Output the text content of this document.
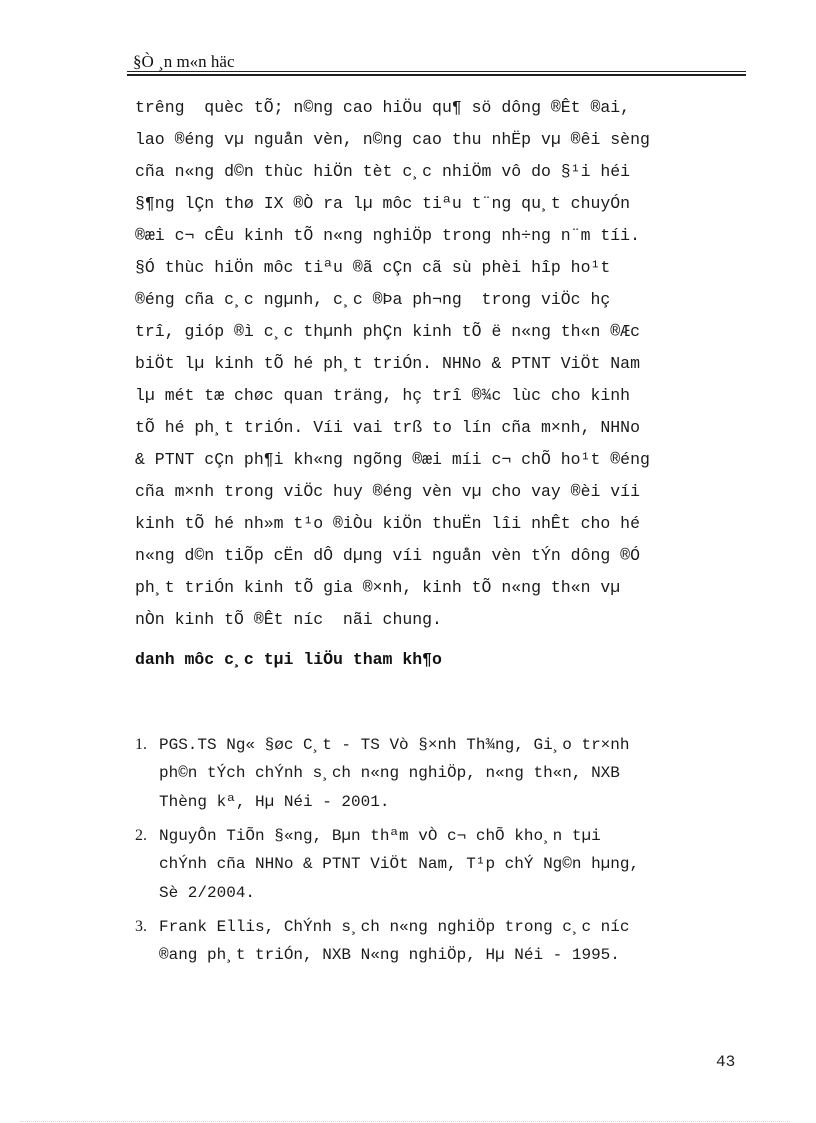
§Ò ¸n m«n häc
trêng  quèc tÕ; n©ng cao hiÖu qu¶ sö dông ®Êt ®ai,
lao ®éng vµ nguån vèn, n©ng cao thu nhËp vµ ®êi sèng
cña n«ng d©n thùc hiÖn tèt c¸c nhiÖm vô do §¹i héi
§¶ng lÇn thø IX ®Ò ra lµ môc tiªu t¨ng qu¸t chuyÓn
®æi c¬ cÊu kinh tÕ n«ng nghiÖp trong nh÷ng n¨m tíi.
§Ó thùc hiÖn môc tiªu ®ã cÇn cã sù phèi hîp ho¹t
®éng cña c¸c ngµnh, c¸c ®Þa ph¬ng  trong viÖc hç
trî, gióp ®ì c¸c thµnh phÇn kinh tÕ ë n«ng th«n ®Æc
biÖt lµ kinh tÕ hé ph¸t triÓn. NHNo & PTNT ViÖt Nam
lµ mét tæ chøc quan träng, hç trî ®¾c lùc cho kinh
tÕ hé ph¸t triÓn. Víi vai trß to lín cña m×nh, NHNo
& PTNT cÇn ph¶i kh«ng ngõng ®æi míi c¬ chÕ ho¹t ®éng
cña m×nh trong viÖc huy ®éng vèn vµ cho vay ®èi víi
kinh tÕ hé nh»m t¹o ®iÒu kiÖn thuËn lîi nhÊt cho hé
n«ng d©n tiÕp cËn dÔ dµng víi nguån vèn tÝn dông ®Ó
ph¸t triÓn kinh tÕ gia ®×nh, kinh tÕ n«ng th«n vµ
nÒn kinh tÕ ®Êt níc  nãi chung.
danh môc c¸c tµi liÖu tham kh¶o
1. PGS.TS Ng« §øc C¸t - TS Vò §×nh Th¾ng, Gi¸o tr×nh
ph©n tÝch chÝnh s¸ch n«ng nghiÖp, n«ng th«n, NXB
Thèng kª, Hµ Néi - 2001.
2. NguyÔn TiÕn §«ng, Bµn thªm vÒ c¬ chÕ kho¸n tµi
chÝnh cña NHNo & PTNT ViÖt Nam, T¹p chÝ Ng©n hµng,
Sè 2/2004.
3. Frank Ellis, ChÝnh s¸ch n«ng nghiÖp trong c¸c níc
®ang ph¸t triÓn, NXB N«ng nghiÖp, Hµ Néi - 1995.
43
